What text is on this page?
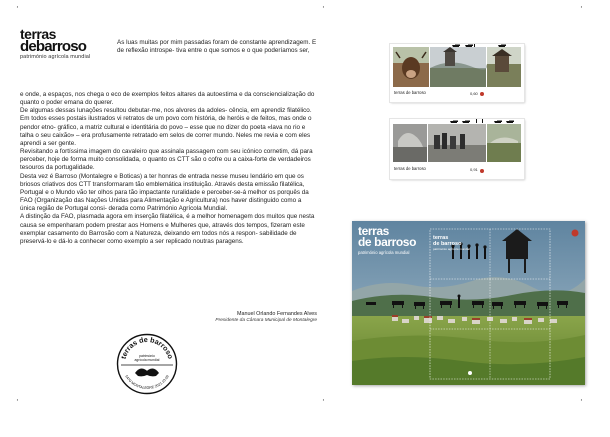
·	·	·
·	·	·
terras
debarroso
património agrícola mundial

As luas muitas por mim passadas foram de constante aprendizagem. E de reflexão introspe- tiva entre o que somos e o que poderíamos ser,

e onde, a espaços, nos chega o eco de exemplos feitos altares da autoestima e da consciencialização do quanto o poder emana do querer.

De algumas dessas lunações resultou debutar-me, nos alvores da adoles- cência, em aprendiz filatélico. Em todos esses postais ilustrados vi retratos de um povo com história, de heróis e de feitos, mas onde o pendor etno- gráfico, a matriz cultural e identitária do povo – esse que no dizer do poeta «lava no rio e talha o seu caixão» – era profusamente retratado em selos de correr mundo. Neles me revia e com eles aprendi a ser gente.

Revisitando a fortíssima imagem do cavaleiro que assinala passagem com seu icónico cornetim, dá para perceber, hoje de forma muito consolidada, o quanto os CTT são o cofre ou a caixa-forte de verdadeiros tesouros da portugalidade.

Desta vez é Barroso (Montalegre e Boticas) a ter honras de entrada nesse museu lendário em que os briosos criativos dos CTT transformaram tão emblemática instituição. Através desta emissão filatélica, Portugal e o Mundo vão ter olhos para tão impactante ruralidade e perceber-se-á melhor os porquês da FAO (Organização das Nações Unidas para Alimentação e Agricultura) nos haver distinguido como a única região de Portugal consi- derada como Património Agrícola Mundial.

A distinção da FAO, plasmada agora em inserção filatélica, é a melhor homenagem dos muitos que nesta causa se empenharam podem prestar aos Homens e Mulheres que, através dos tempos, fizeram este exemplar casamento do Barrosão com a Natureza, deixando em todos nós a respon- sabilidade de preservá-lo e dá-lo a conhecer como exemplo a ser replicado noutras paragens.

Manuel Orlando Fernandes Alves
Presidente da Câmara Municipal de Montalegre
terras de barroso
património
agrícola mundial
5470 MONTALEGRE 2021.10.09
terras de barroso	0,60
terras de barroso	0,91
terras
de barroso
património agrícola mundial
terras
de barroso
património agrícola mundial
